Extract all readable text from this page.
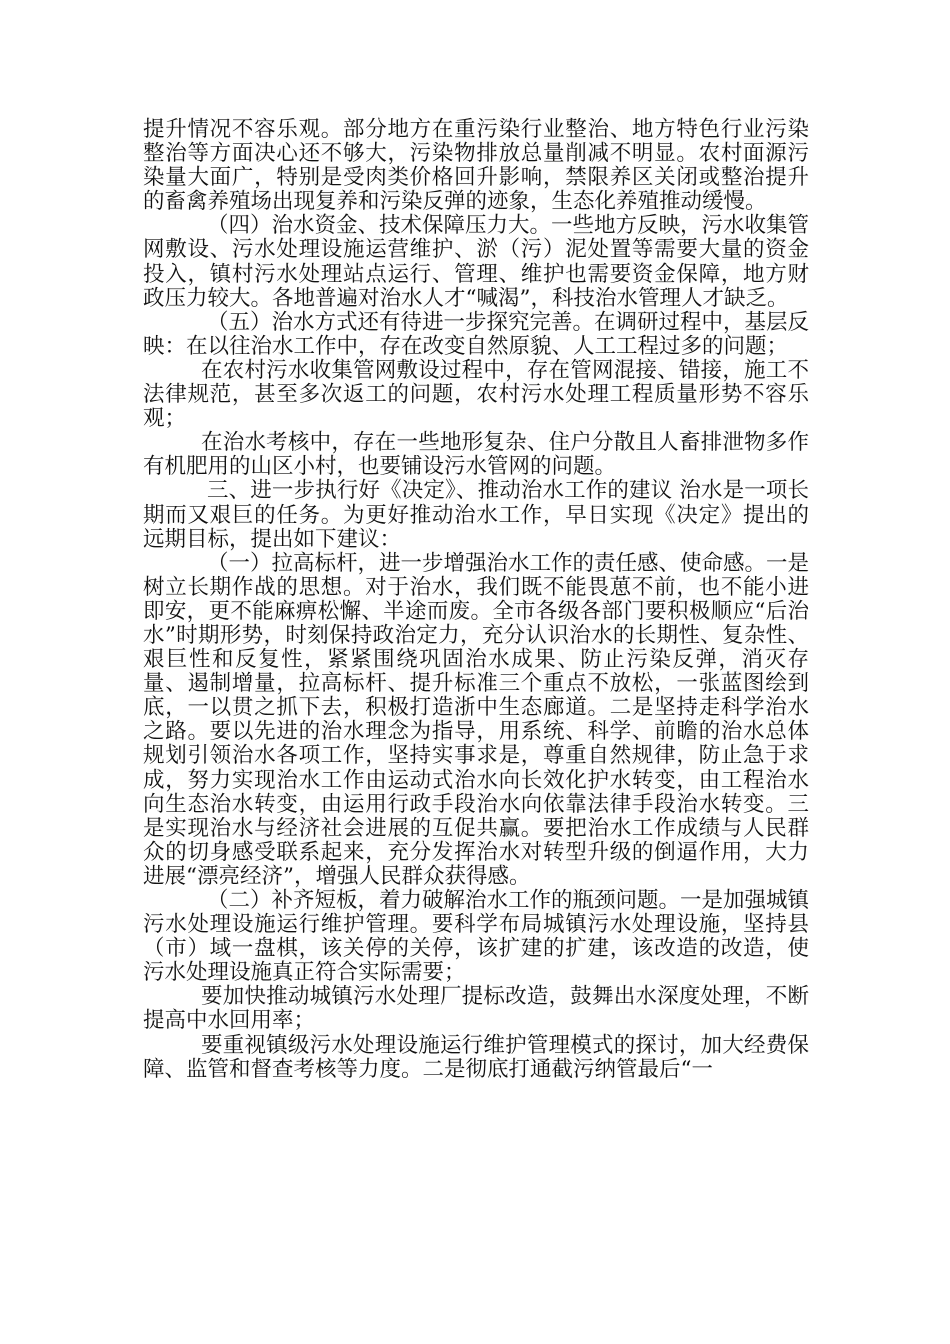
提升情况不容乐观。部分地方在重污染行业整治、地方特色行业污染整治等方面决心还不够大，污染物排放总量削减不明显。农村面源污染量大面广，特别是受肉类价格回升影响，禁限养区关闭或整治提升的畜禽养殖场出现复养和污染反弹的迹象，生态化养殖推动缓慢。

（四）治水资金、技术保障压力大。一些地方反映，污水收集管网敷设、污水处理设施运营维护、淤（污）泥处置等需要大量的资金投入，镇村污水处理站点运行、管理、维护也需要资金保障，地方财政压力较大。各地普遍对治水人才“喊渴”，科技治水管理人才缺乏。

（五）治水方式还有待进一步探究完善。在调研过程中，基层反映：在以往治水工作中，存在改变自然原貌、人工工程过多的问题；

在农村污水收集管网敷设过程中，存在管网混接、错接，施工不法律规范，甚至多次返工的问题，农村污水处理工程质量形势不容乐观；

在治水考核中，存在一些地形复杂、住户分散且人畜排泄物多作有机肥用的山区小村，也要铺设污水管网的问题。

三、进一步执行好《决定》、推动治水工作的建议 治水是一项长期而又艰巨的任务。为更好推动治水工作，早日实现《决定》提出的远期目标，提出如下建议：

（一）拉高标杆，进一步增强治水工作的责任感、使命感。一是树立长期作战的思想。对于治水，我们既不能畏葸不前，也不能小进即安，更不能麻痹松懈、半途而废。全市各级各部门要积极顺应“后治水”时期形势，时刻保持政治定力，充分认识治水的长期性、复杂性、艰巨性和反复性，紧紧围绕巩固治水成果、防止污染反弹，消灭存量、遏制增量，拉高标杆、提升标准三个重点不放松，一张蓝图绘到底，一以贯之抓下去，积极打造浙中生态廊道。二是坚持走科学治水之路。要以先进的治水理念为指导，用系统、科学、前瞻的治水总体规划引领治水各项工作，坚持实事求是，尊重自然规律，防止急于求成，努力实现治水工作由运动式治水向长效化护水转变，由工程治水向生态治水转变，由运用行政手段治水向依靠法律手段治水转变。三是实现治水与经济社会进展的互促共赢。要把治水工作成绩与人民群众的切身感受联系起来，充分发挥治水对转型升级的倒逼作用，大力进展“漂亮经济”，增强人民群众获得感。

（二）补齐短板，着力破解治水工作的瓶颈问题。一是加强城镇污水处理设施运行维护管理。要科学布局城镇污水处理设施，坚持县（市）域一盘棋，该关停的关停，该扩建的扩建，该改造的改造，使污水处理设施真正符合实际需要；

要加快推动城镇污水处理厂提标改造，鼓舞出水深度处理，不断提高中水回用率；

要重视镇级污水处理设施运行维护管理模式的探讨，加大经费保障、监管和督查考核等力度。二是彻底打通截污纳管最后“一
